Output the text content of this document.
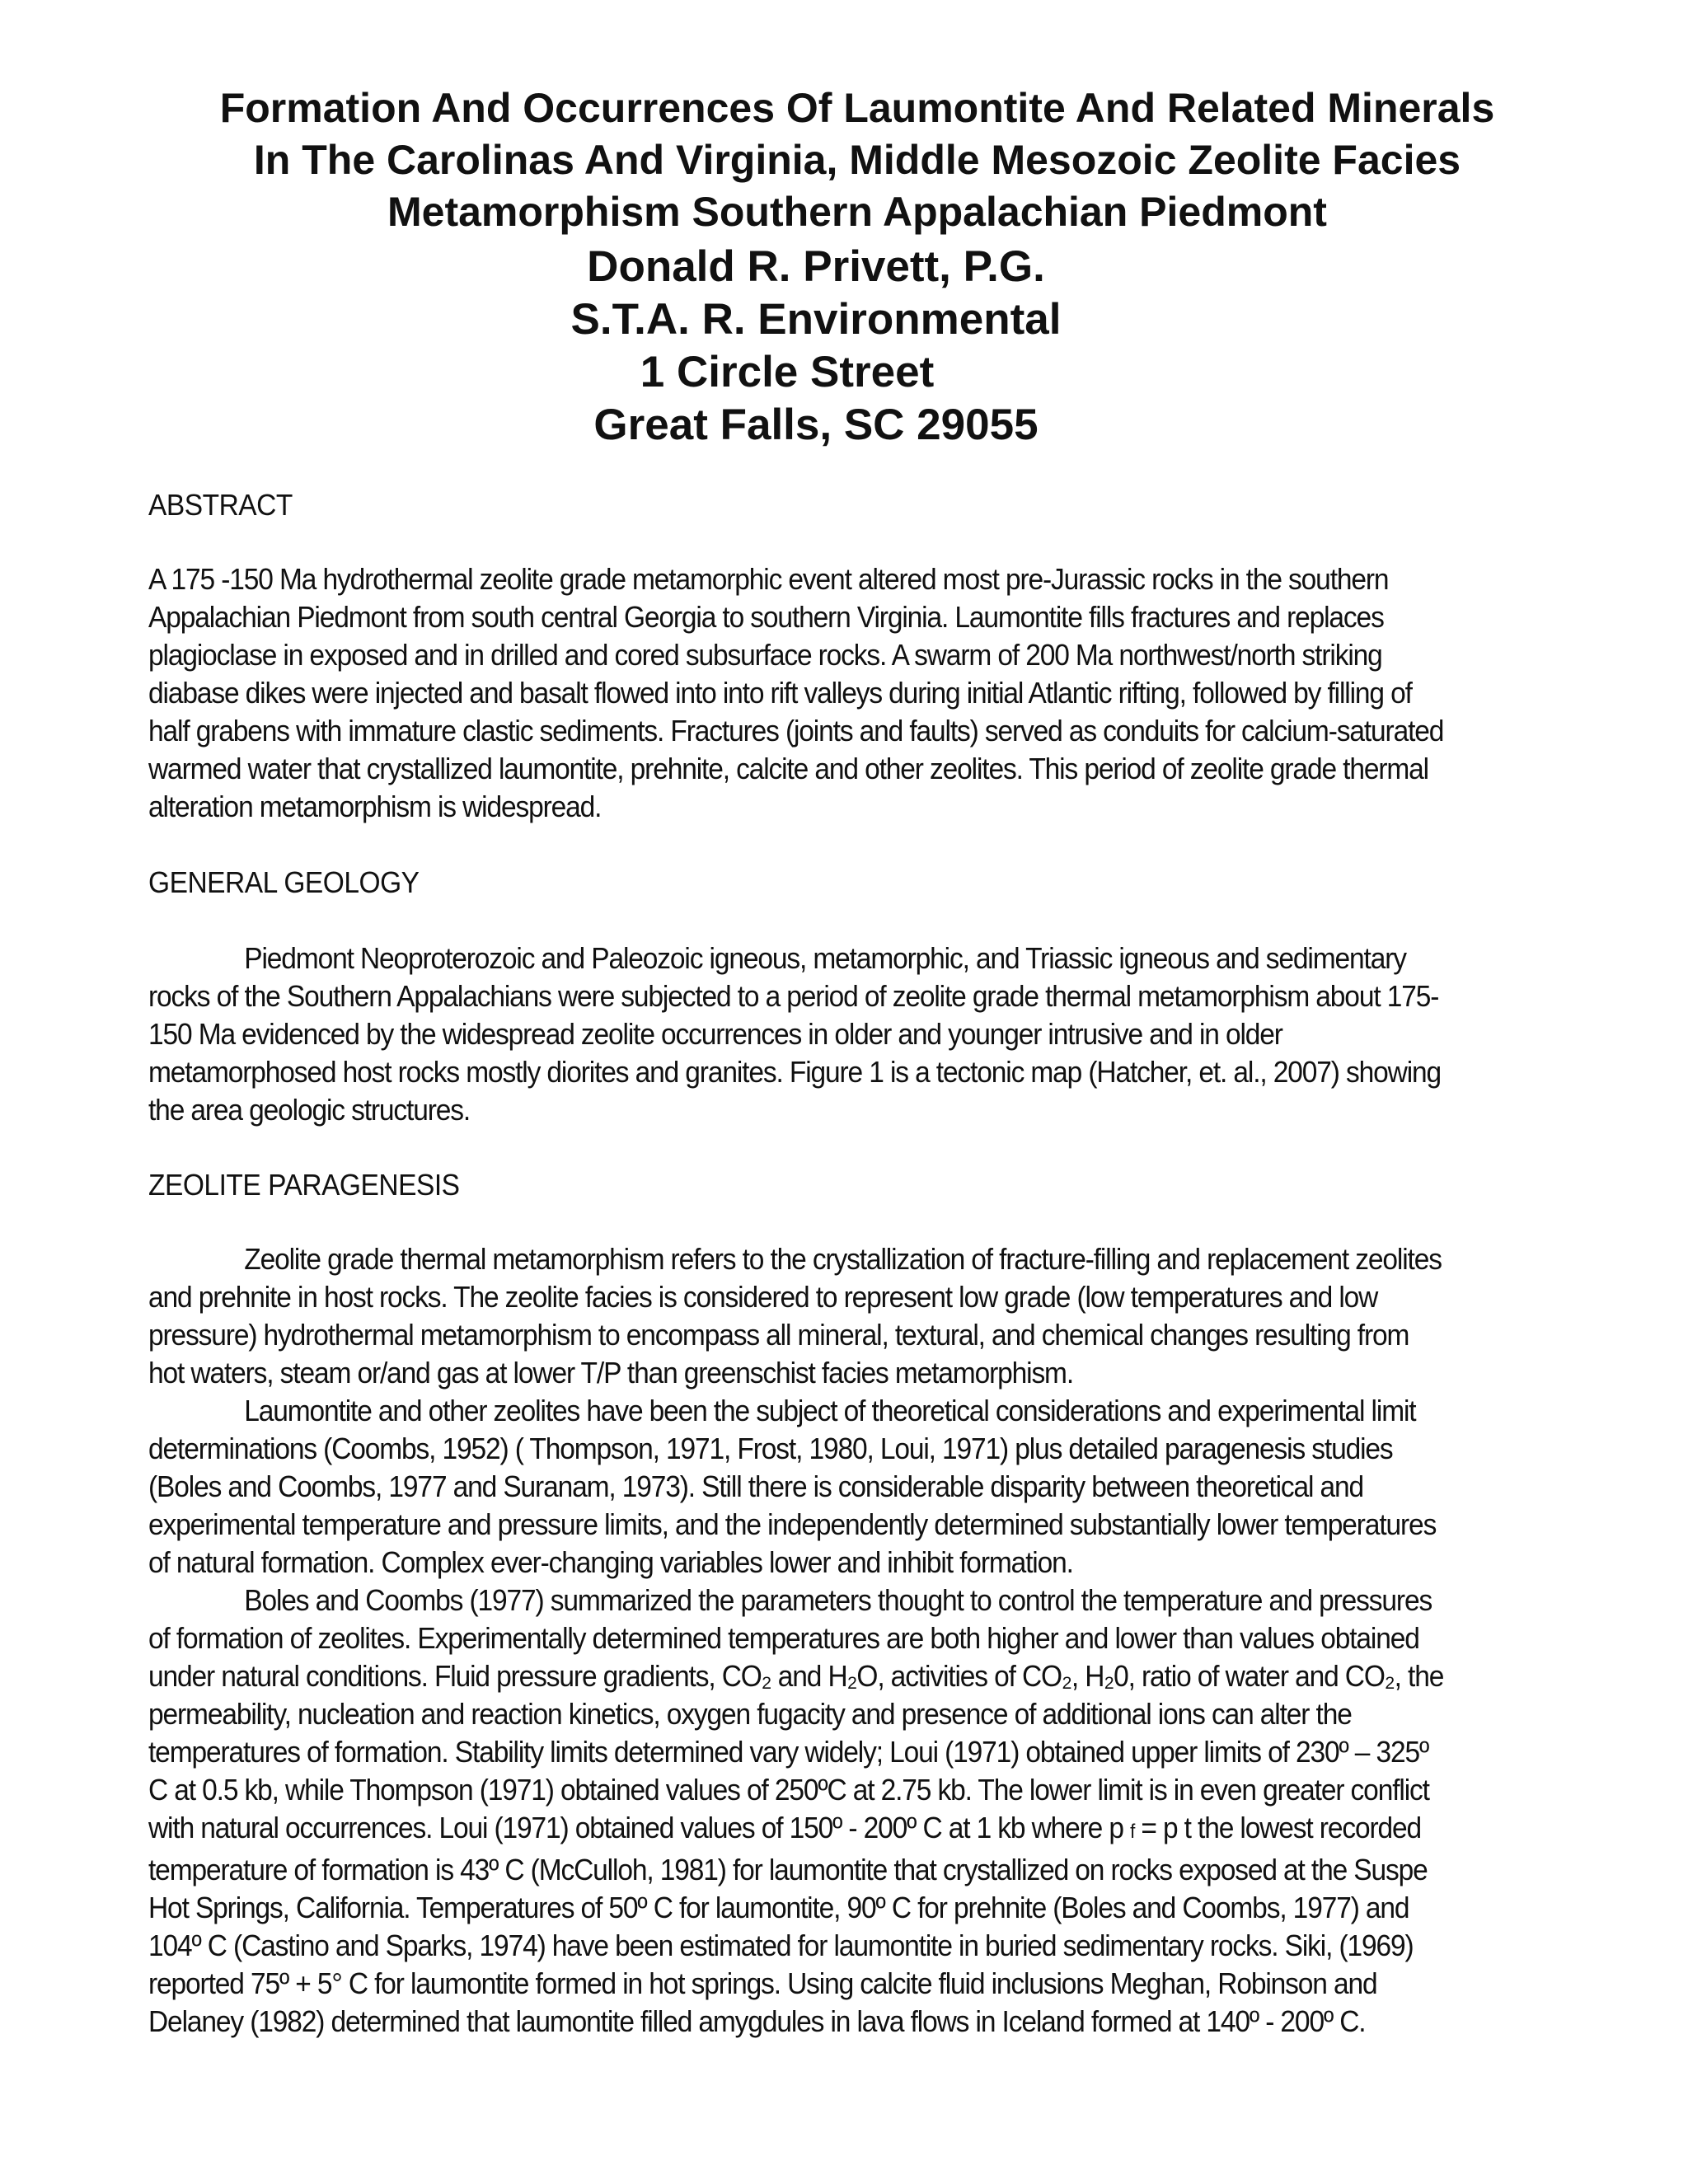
Formation And Occurrences Of Laumontite And Related Minerals
In The Carolinas And Virginia, Middle Mesozoic Zeolite Facies
Metamorphism Southern Appalachian Piedmont
Donald R. Privett, P.G.
S.T.A. R. Environmental
1 Circle Street
Great Falls, SC 29055
ABSTRACT

A 175 -150 Ma hydrothermal zeolite grade metamorphic event altered most pre-Jurassic rocks in the southern Appalachian Piedmont from south central Georgia to southern Virginia. Laumontite fills fractures and replaces plagioclase in exposed and in drilled and cored subsurface rocks. A swarm of 200 Ma northwest/north striking diabase dikes were injected and basalt flowed into into rift valleys during initial Atlantic rifting, followed by filling of half grabens with immature clastic sediments. Fractures (joints and faults) served as conduits for calcium-saturated warmed water that crystallized laumontite, prehnite, calcite and other zeolites. This period of zeolite grade thermal alteration metamorphism is widespread.

GENERAL GEOLOGY

Piedmont Neoproterozoic and Paleozoic igneous, metamorphic, and Triassic igneous and sedimentary rocks of the Southern Appalachians were subjected to a period of zeolite grade thermal metamorphism about 175-150 Ma evidenced by the widespread zeolite occurrences in older and younger intrusive and in older metamorphosed host rocks mostly diorites and granites. Figure 1 is a tectonic map (Hatcher, et. al., 2007) showing the area geologic structures.

ZEOLITE PARAGENESIS

Zeolite grade thermal metamorphism refers to the crystallization of fracture-filling and replacement zeolites and prehnite in host rocks. The zeolite facies is considered to represent low grade (low temperatures and low pressure) hydrothermal metamorphism to encompass all mineral, textural, and chemical changes resulting from hot waters, steam or/and gas at lower T/P than greenschist facies metamorphism.

Laumontite and other zeolites have been the subject of theoretical considerations and experimental limit determinations (Coombs, 1952) ( Thompson, 1971, Frost, 1980, Loui, 1971) plus detailed paragenesis studies (Boles and Coombs, 1977 and Suranam, 1973). Still there is considerable disparity between theoretical and experimental temperature and pressure limits, and the independently determined substantially lower temperatures of natural formation. Complex ever-changing variables lower and inhibit formation.

Boles and Coombs (1977) summarized the parameters thought to control the temperature and pressures of formation of zeolites. Experimentally determined temperatures are both higher and lower than values obtained under natural conditions. Fluid pressure gradients, CO₂ and H₂O, activities of CO₂, H₂0, ratio of water and CO₂, the permeability, nucleation and reaction kinetics, oxygen fugacity and presence of additional ions can alter the temperatures of formation. Stability limits determined vary widely; Loui (1971) obtained upper limits of 230º – 325º C at 0.5 kb, while Thompson (1971) obtained values of 250ºC at 2.75 kb. The lower limit is in even greater conflict with natural occurrences. Loui (1971) obtained values of 150º - 200º C at 1 kb where p f = p t the lowest recorded temperature of formation is 43º C (McCulloh, 1981) for laumontite that crystallized on rocks exposed at the Suspe Hot Springs, California. Temperatures of 50º C for laumontite, 90º C for prehnite (Boles and Coombs, 1977) and 104º C (Castino and Sparks, 1974) have been estimated for laumontite in buried sedimentary rocks. Siki, (1969) reported 75º + 5° C for laumontite formed in hot springs. Using calcite fluid inclusions Meghan, Robinson and Delaney (1982) determined that laumontite filled amygdules in lava flows in Iceland formed at 140º - 200º C.
